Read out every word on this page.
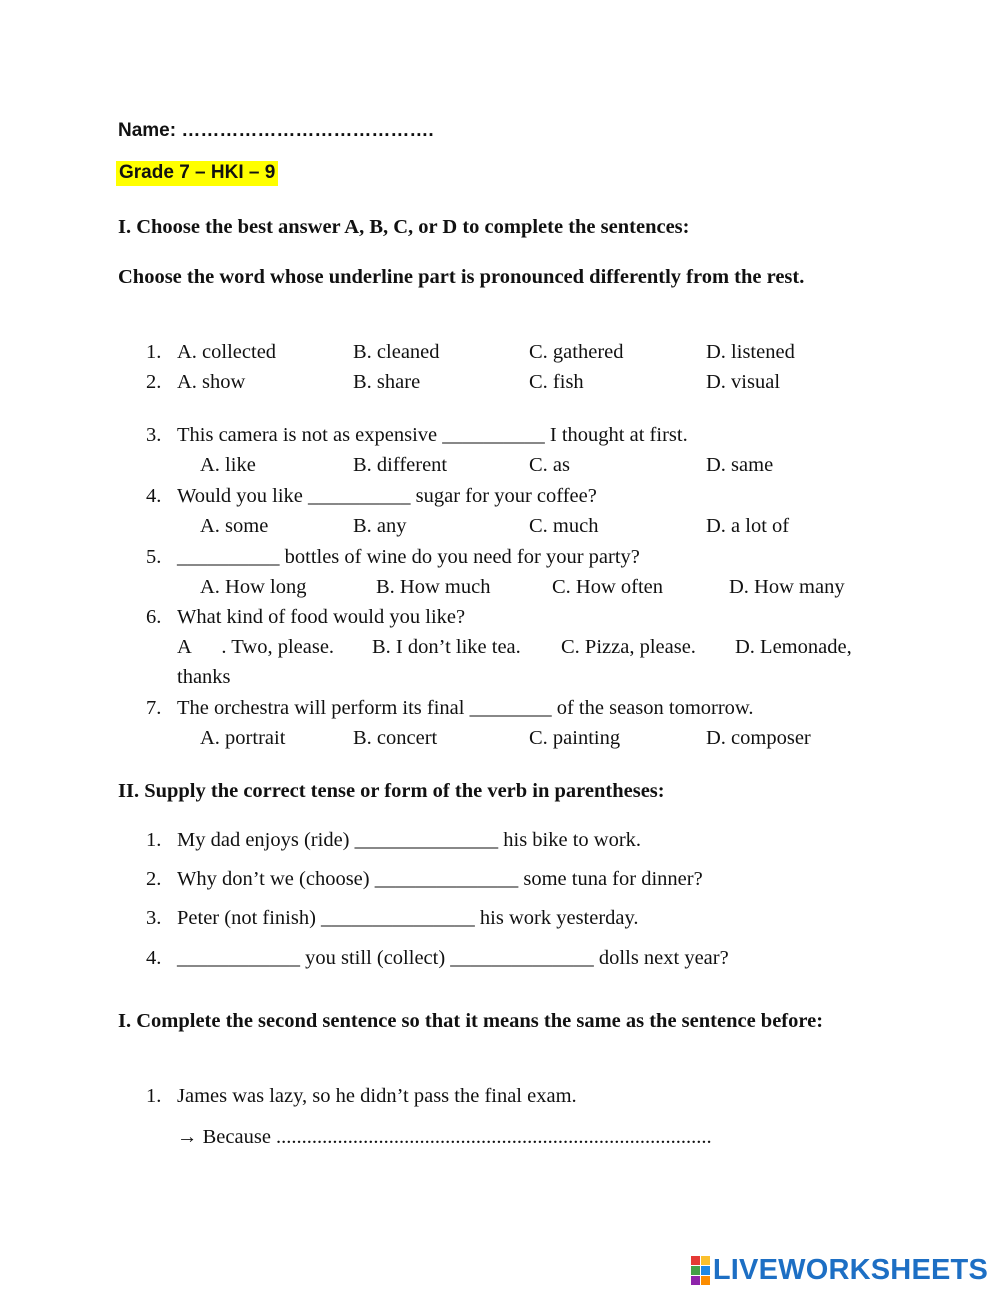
Name: ………………………………….
Grade 7 – HKI – 9
I. Choose the best answer A, B, C, or D to complete the sentences:
Choose the word whose underline part is pronounced differently from the rest.
1. A. collected	B. cleaned	C. gathered	D. listened
2. A. show	B. share	C. fish	D. visual
3. This camera is not as expensive __________ I thought at first.
A. like	B. different	C. as	D. same
4. Would you like __________ sugar for your coffee?
A. some	B. any	C. much	D. a lot of
5. __________ bottles of wine do you need for your party?
A. How long	B. How much	C. How often	D. How many
6. What kind of food would you like?
A      . Two, please. B. I don’t like tea. C. Pizza, please. D. Lemonade,
thanks
7. The orchestra will perform its final ________ of the season tomorrow.
A. portrait	B. concert	C. painting	D. composer
II. Supply the correct tense or form of the verb in parentheses:
1. My dad enjoys (ride) ______________ his bike to work.
2. Why don’t we (choose) ______________ some tuna for dinner?
3. Peter (not finish) _______________ his work yesterday.
4. ____________ you still (collect) ______________ dolls next year?
I. Complete the second sentence so that it means the same as the sentence before:
1. James was lazy, so he didn’t pass the final exam.
→ Because .....................................................................................
LIVEWORKSHEETS
